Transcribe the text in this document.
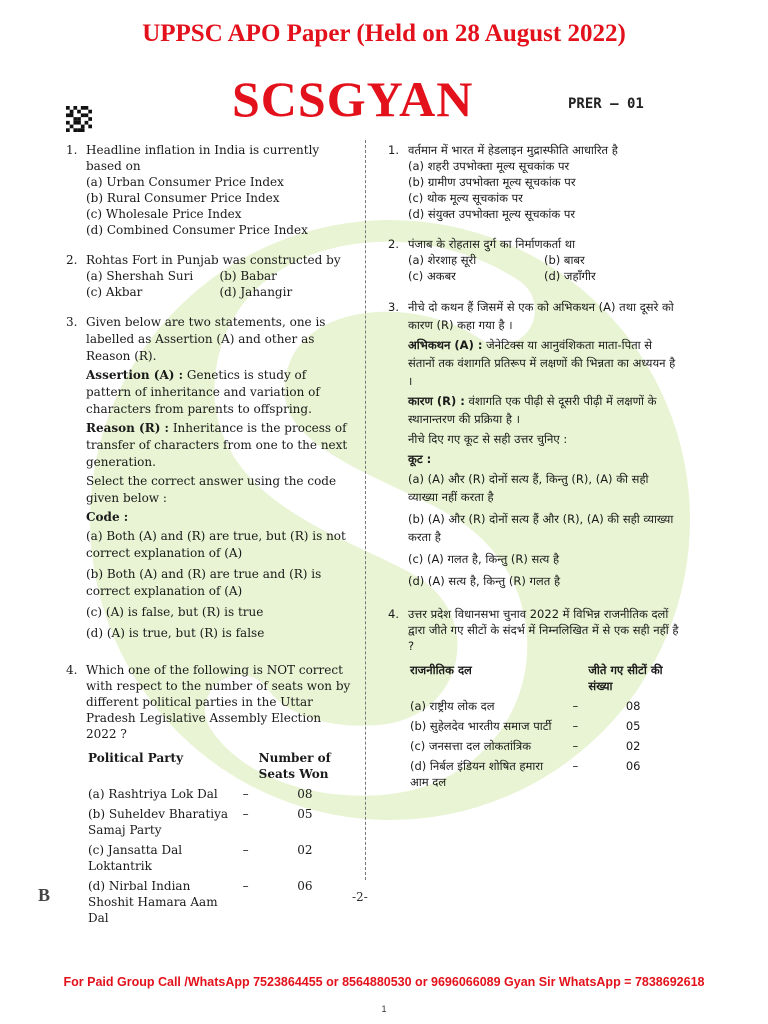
UPPSC APO Paper (Held on 28 August 2022)
SCSGYAN	PRER – 01
1. Headline inflation in India is currently based on
(a) Urban Consumer Price Index
(b) Rural Consumer Price Index
(c) Wholesale Price Index
(d) Combined Consumer Price Index
2. Rohtas Fort in Punjab was constructed by
(a) Shershah Suri	(b) Babar
(c) Akbar	(d) Jahangir
3. Given below are two statements, one is labelled as Assertion (A) and other as Reason (R).
Assertion (A) : Genetics is study of pattern of inheritance and variation of characters from parents to offspring.
Reason (R) : Inheritance is the process of transfer of characters from one to the next generation.
Select the correct answer using the code given below :
Code :
(a) Both (A) and (R) are true, but (R) is not correct explanation of (A)
(b) Both (A) and (R) are true and (R) is correct explanation of (A)
(c) (A) is false, but (R) is true
(d) (A) is true, but (R) is false
4. Which one of the following is NOT correct with respect to the number of seats won by different political parties in the Uttar Pradesh Legislative Assembly Election 2022 ?
Political Party		Number of Seats Won
(a) Rashtriya Lok Dal	–	08
(b) Suheldev Bharatiya Samaj Party	–	05
(c) Jansatta Dal Loktantrik	–	02
(d) Nirbal Indian Shoshit Hamara Aam Dal	–	06
1. वर्तमान में भारत में हेडलाइन मुद्रास्फीति आधारित है
(a) शहरी उपभोक्ता मूल्य सूचकांक पर
(b) ग्रामीण उपभोक्ता मूल्य सूचकांक पर
(c) थोक मूल्य सूचकांक पर
(d) संयुक्त उपभोक्ता मूल्य सूचकांक पर
2. पंजाब के रोहतास दुर्ग का निर्माणकर्ता था
(a) शेरशाह सूरी	(b) बाबर
(c) अकबर	(d) जहाँगीर
3. नीचे दो कथन हैं जिसमें से एक को अभिकथन (A) तथा दूसरे को कारण (R) कहा गया है ।
अभिकथन (A) : जेनेटिक्स या आनुवंशिकता माता-पिता से संतानों तक वंशागति प्रतिरूप में लक्षणों की भिन्नता का अध्ययन है ।
कारण (R) : वंशागति एक पीढ़ी से दूसरी पीढ़ी में लक्षणों के स्थानान्तरण की प्रक्रिया है ।
नीचे दिए गए कूट से सही उत्तर चुनिए :
कूट :
(a) (A) और (R) दोनों सत्य हैं, किन्तु (R), (A) की सही व्याख्या नहीं करता है
(b) (A) और (R) दोनों सत्य हैं और (R), (A) की सही व्याख्या करता है
(c) (A) गलत है, किन्तु (R) सत्य है
(d) (A) सत्य है, किन्तु (R) गलत है
4. उत्तर प्रदेश विधानसभा चुनाव 2022 में विभिन्न राजनीतिक दलों द्वारा जीते गए सीटों के संदर्भ में निम्नलिखित में से एक सही नहीं है ?
राजनीतिक दल		जीते गए सीटों की संख्या
(a) राष्ट्रीय लोक दल	–	08
(b) सुहेलदेव भारतीय समाज पार्टी	–	05
(c) जनसत्ता दल लोकतांत्रिक	–	02
(d) निर्बल इंडियन शोषित हमारा आम दल	–	06
B	-2-
For Paid Group Call /WhatsApp 7523864455 or 8564880530 or 9696066089 Gyan Sir WhatsApp = 7838692618
1
